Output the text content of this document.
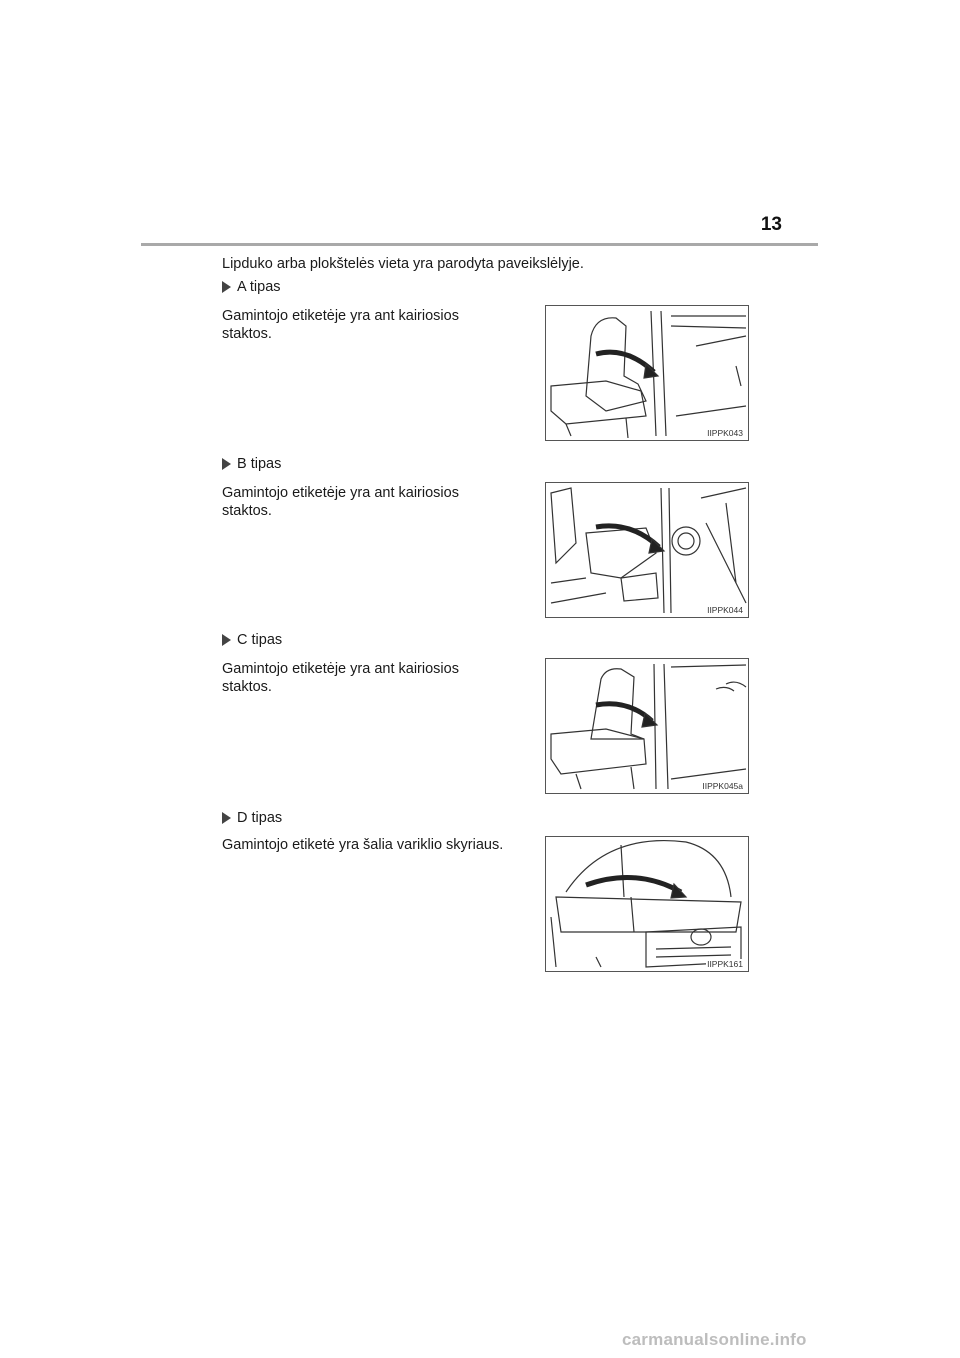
13
Lipduko arba plokštelės vieta yra parodyta paveikslėlyje.
A tipas
Gamintojo etiketėje yra ant kairiosios staktos.
IIPPK043
B tipas
Gamintojo etiketėje yra ant kairiosios staktos.
IIPPK044
C tipas
Gamintojo etiketėje yra ant kairiosios staktos.
IIPPK045a
D tipas
Gamintojo etiketė yra šalia variklio skyriaus.
IIPPK161
carmanualsonline.info
